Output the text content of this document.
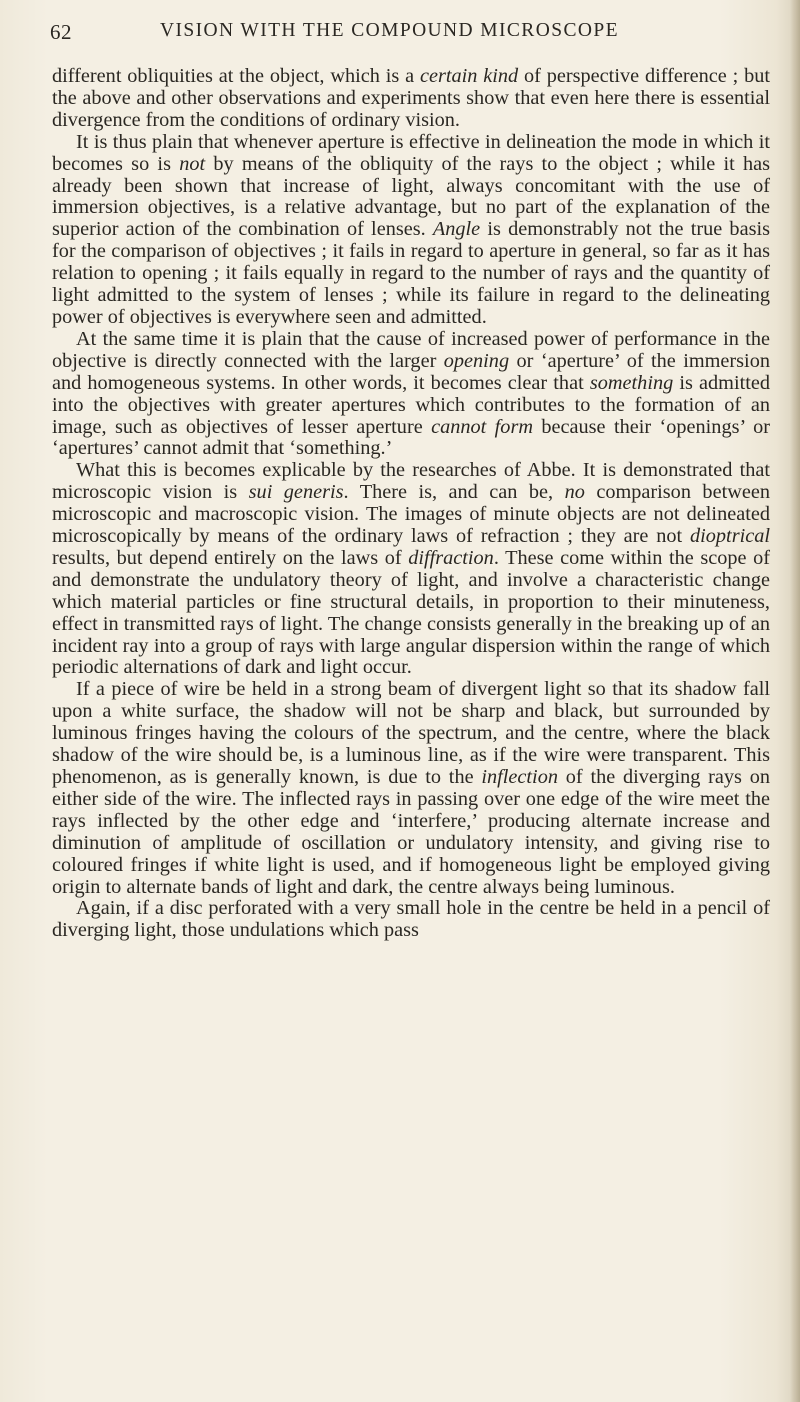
62	VISION WITH THE COMPOUND MICROSCOPE

different obliquities at the object, which is a certain kind of perspective difference ; but the above and other observations and experiments show that even here there is essential divergence from the conditions of ordinary vision.

It is thus plain that whenever aperture is effective in delineation the mode in which it becomes so is not by means of the obliquity of the rays to the object ; while it has already been shown that increase of light, always concomitant with the use of immersion objectives, is a relative advantage, but no part of the explanation of the superior action of the combination of lenses. Angle is demonstrably not the true basis for the comparison of objectives ; it fails in regard to aperture in general, so far as it has relation to opening ; it fails equally in regard to the number of rays and the quantity of light admitted to the system of lenses ; while its failure in regard to the delineating power of objectives is everywhere seen and admitted.

At the same time it is plain that the cause of increased power of performance in the objective is directly connected with the larger opening or ‘aperture’ of the immersion and homogeneous systems. In other words, it becomes clear that something is admitted into the objectives with greater apertures which contributes to the formation of an image, such as objectives of lesser aperture cannot form because their ‘openings’ or ‘apertures’ cannot admit that ‘something.’

What this is becomes explicable by the researches of Abbe. It is demonstrated that microscopic vision is sui generis. There is, and can be, no comparison between microscopic and macroscopic vision. The images of minute objects are not delineated microscopically by means of the ordinary laws of refraction ; they are not dioptrical results, but depend entirely on the laws of diffraction. These come within the scope of and demonstrate the undulatory theory of light, and involve a characteristic change which material particles or fine structural details, in proportion to their minuteness, effect in transmitted rays of light. The change consists generally in the breaking up of an incident ray into a group of rays with large angular dispersion within the range of which periodic alternations of dark and light occur.

If a piece of wire be held in a strong beam of divergent light so that its shadow fall upon a white surface, the shadow will not be sharp and black, but surrounded by luminous fringes having the colours of the spectrum, and the centre, where the black shadow of the wire should be, is a luminous line, as if the wire were transparent. This phenomenon, as is generally known, is due to the inflection of the diverging rays on either side of the wire. The inflected rays in passing over one edge of the wire meet the rays inflected by the other edge and ‘interfere,’ producing alternate increase and diminution of amplitude of oscillation or undulatory intensity, and giving rise to coloured fringes if white light is used, and if homogeneous light be employed giving origin to alternate bands of light and dark, the centre always being luminous.

Again, if a disc perforated with a very small hole in the centre be held in a pencil of diverging light, those undulations which pass
